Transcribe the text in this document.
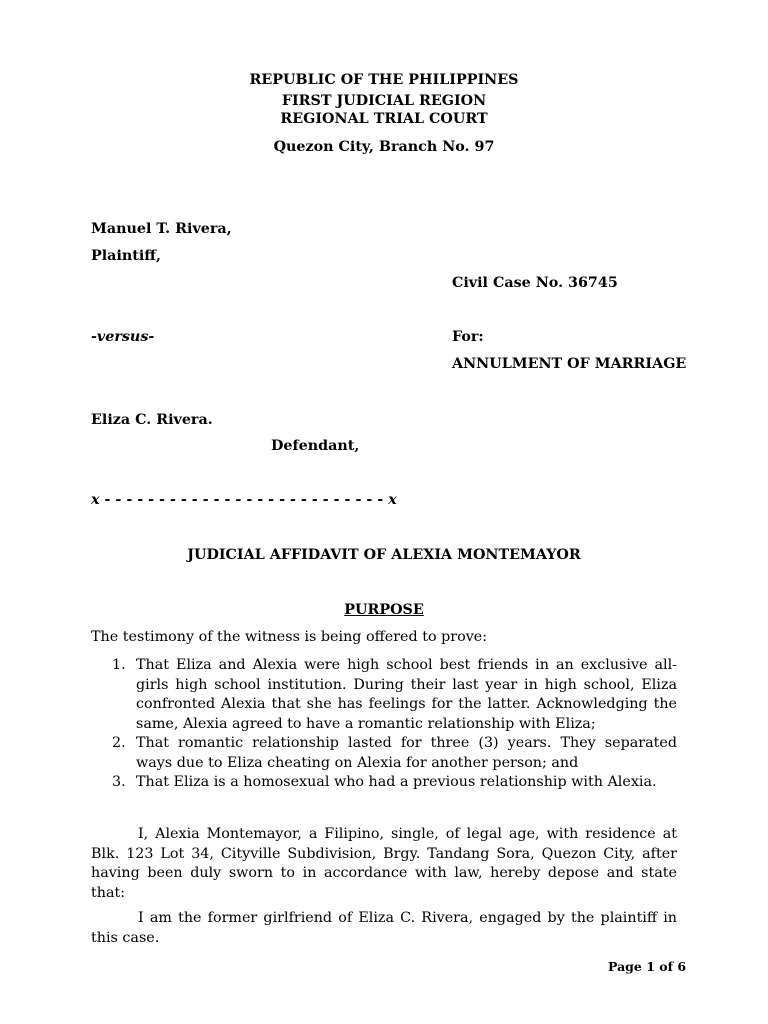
REPUBLIC OF THE PHILIPPINES
FIRST JUDICIAL REGION
REGIONAL TRIAL COURT
Quezon City, Branch No. 97
Manuel T. Rivera,
Plaintiff,
Civil Case No. 36745
-versus-	For:
ANNULMENT OF MARRIAGE
Eliza C. Rivera.
Defendant,
x - - - - - - - - - - - - - - - - - - - - - - - - - - x
JUDICIAL AFFIDAVIT OF ALEXIA MONTEMAYOR
PURPOSE
The testimony of the witness is being offered to prove:
1. That Eliza and Alexia were high school best friends in an exclusive all-girls high school institution. During their last year in high school, Eliza confronted Alexia that she has feelings for the latter. Acknowledging the same, Alexia agreed to have a romantic relationship with Eliza;
2. That romantic relationship lasted for three (3) years. They separated ways due to Eliza cheating on Alexia for another person; and
3. That Eliza is a homosexual who had a previous relationship with Alexia.
I, Alexia Montemayor, a Filipino, single, of legal age, with residence at Blk. 123 Lot 34, Cityville Subdivision, Brgy. Tandang Sora, Quezon City, after having been duly sworn to in accordance with law, hereby depose and state that:
I am the former girlfriend of Eliza C. Rivera, engaged by the plaintiff in this case.
Page 1 of 6
